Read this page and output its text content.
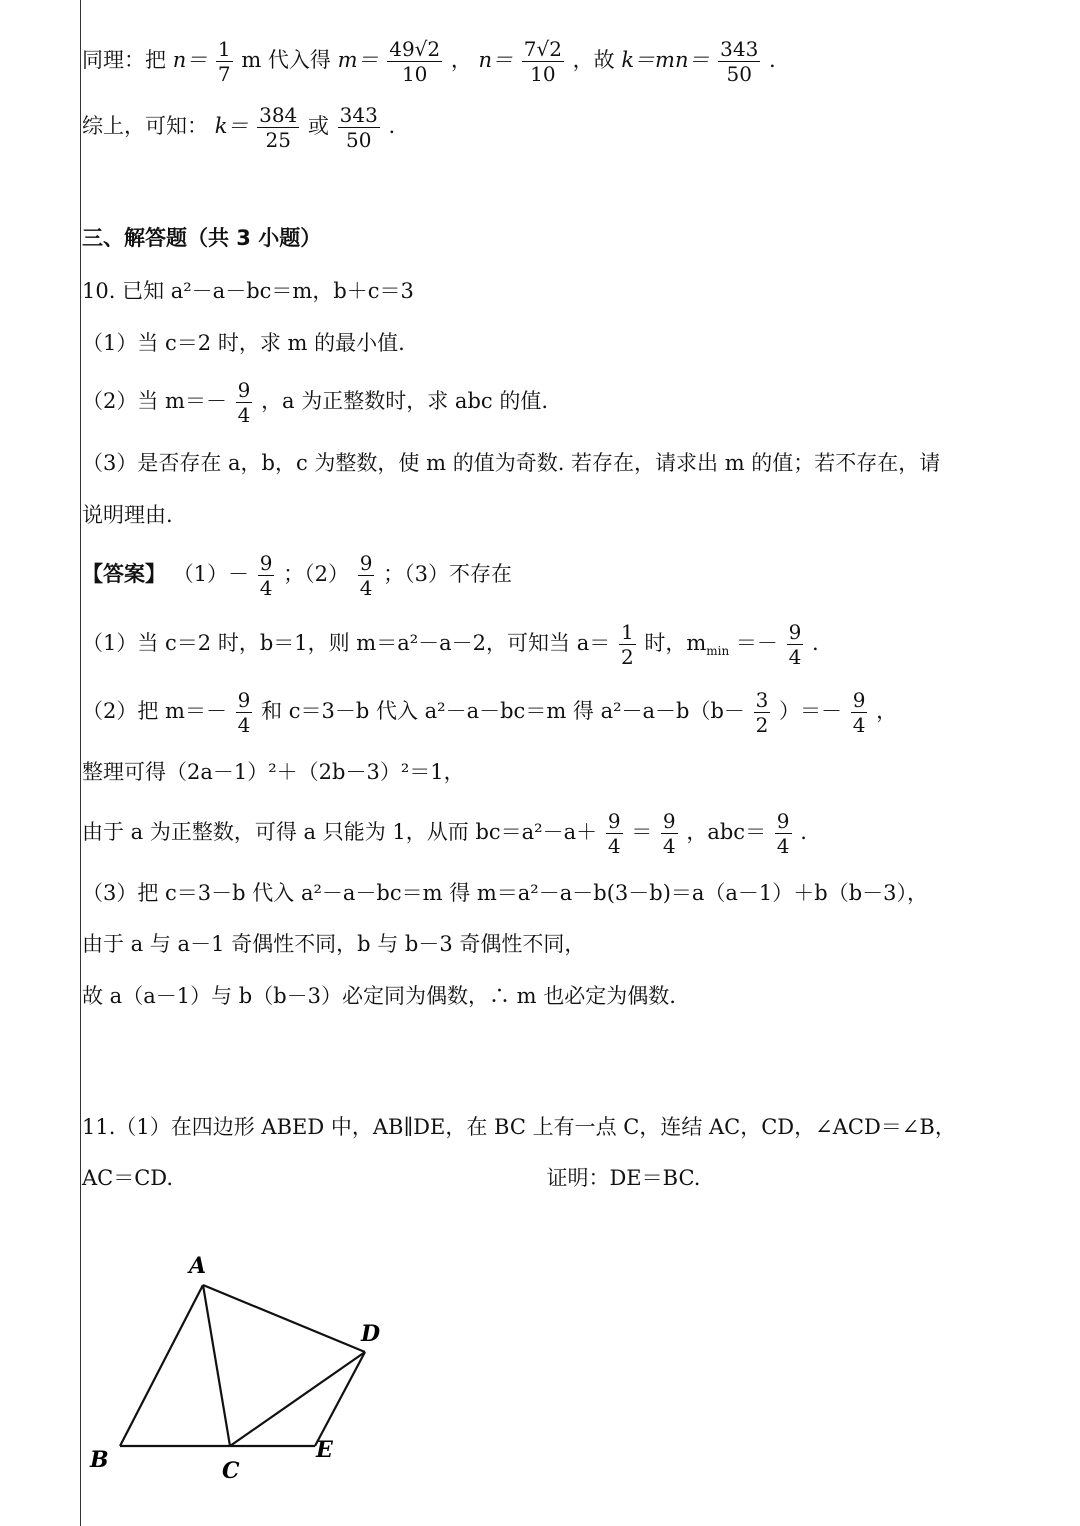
同理：把 $n= \frac{1}{7}$ m 代入得 $m= \frac{49√2}{10}$ ， $n= \frac{7√2}{10}$ ，故 $k=mn= \frac{343}{50}$ .
综上，可知： $k= \frac{384}{25}$ 或 $\frac{343}{50}$ .
三、解答题（共 3 小题）
10. 已知 a²－a－bc＝m，b＋c＝3
（1）当 c＝2 时，求 m 的最小值.
（2）当 $m=- \frac{9}{4}$ ，a 为正整数时，求 abc 的值.
（3）是否存在 a，b，c 为整数，使 m 的值为奇数. 若存在，请求出 m 的值；若不存在，请
说明理由.
【答案】 $(1)- \frac{9}{4}$ ；$(2) \frac{9}{4}$ ；（3）不存在
（1）当 c＝2 时，b＝1，则 m＝a²－a－2，可知当 $a= \frac{1}{2}$ 时，$m_{min} =- \frac{9}{4}$ .
（2）把 $m=- \frac{9}{4}$ 和 c＝3－b 代入 a²－a－bc＝m 得 $a^2-a-b(b- \frac{3}{2}$ ）＝－ $\frac{9}{4}$ ，
整理可得（2a－1）²＋（2b－3）²＝1，
由于 a 为正整数，可得 a 只能为 1，从而 $bc=a^2-a+ \frac{9}{4} = \frac{9}{4}$ ，$abc= \frac{9}{4}$ .
（3）把 c＝3－b 代入 a²－a－bc＝m 得 m＝a²－a－b(3－b)＝a（a－1）＋b（b－3），
由于 a 与 a－1 奇偶性不同，b 与 b－3 奇偶性不同，
故 a（a－1）与 b（b－3）必定同为偶数，∴ m 也必定为偶数.
11.（1）在四边形 ABED 中，AB∥DE，在 BC 上有一点 C，连结 AC，CD，∠ACD＝∠B，
AC＝CD.	证明：DE＝BC.
A
B	C
D
E
